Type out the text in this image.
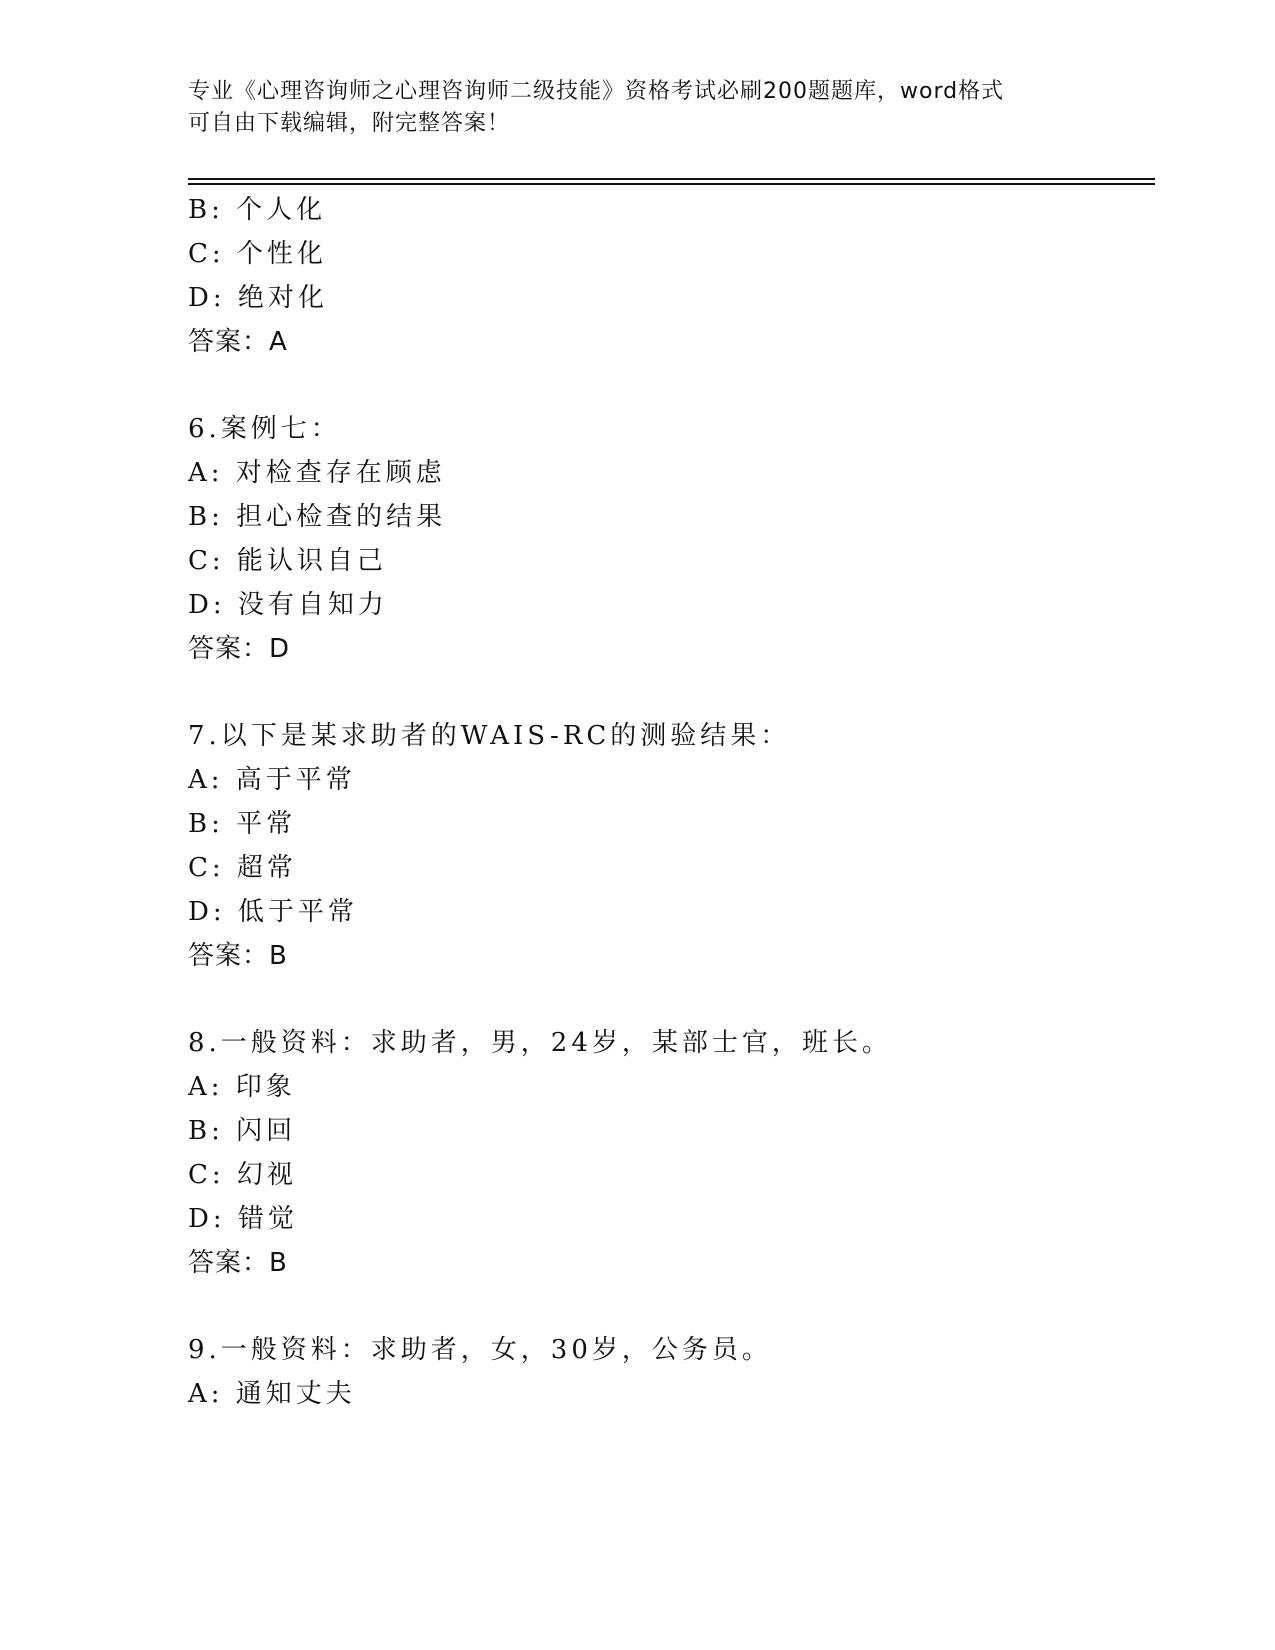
专业《心理咨询师之心理咨询师二级技能》资格考试必刷200题题库，word格式
可自由下载编辑，附完整答案！
B: 个人化
C: 个性化
D: 绝对化
答案：A
6.案例七：
A: 对检查存在顾虑
B: 担心检查的结果
C: 能认识自己
D: 没有自知力
答案：D
7.以下是某求助者的WAIS-RC的测验结果：
A: 高于平常
B: 平常
C: 超常
D: 低于平常
答案：B
8.一般资料：求助者，男，24岁，某部士官，班长。
A: 印象
B: 闪回
C: 幻视
D: 错觉
答案：B
9.一般资料：求助者，女，30岁，公务员。
A: 通知丈夫
